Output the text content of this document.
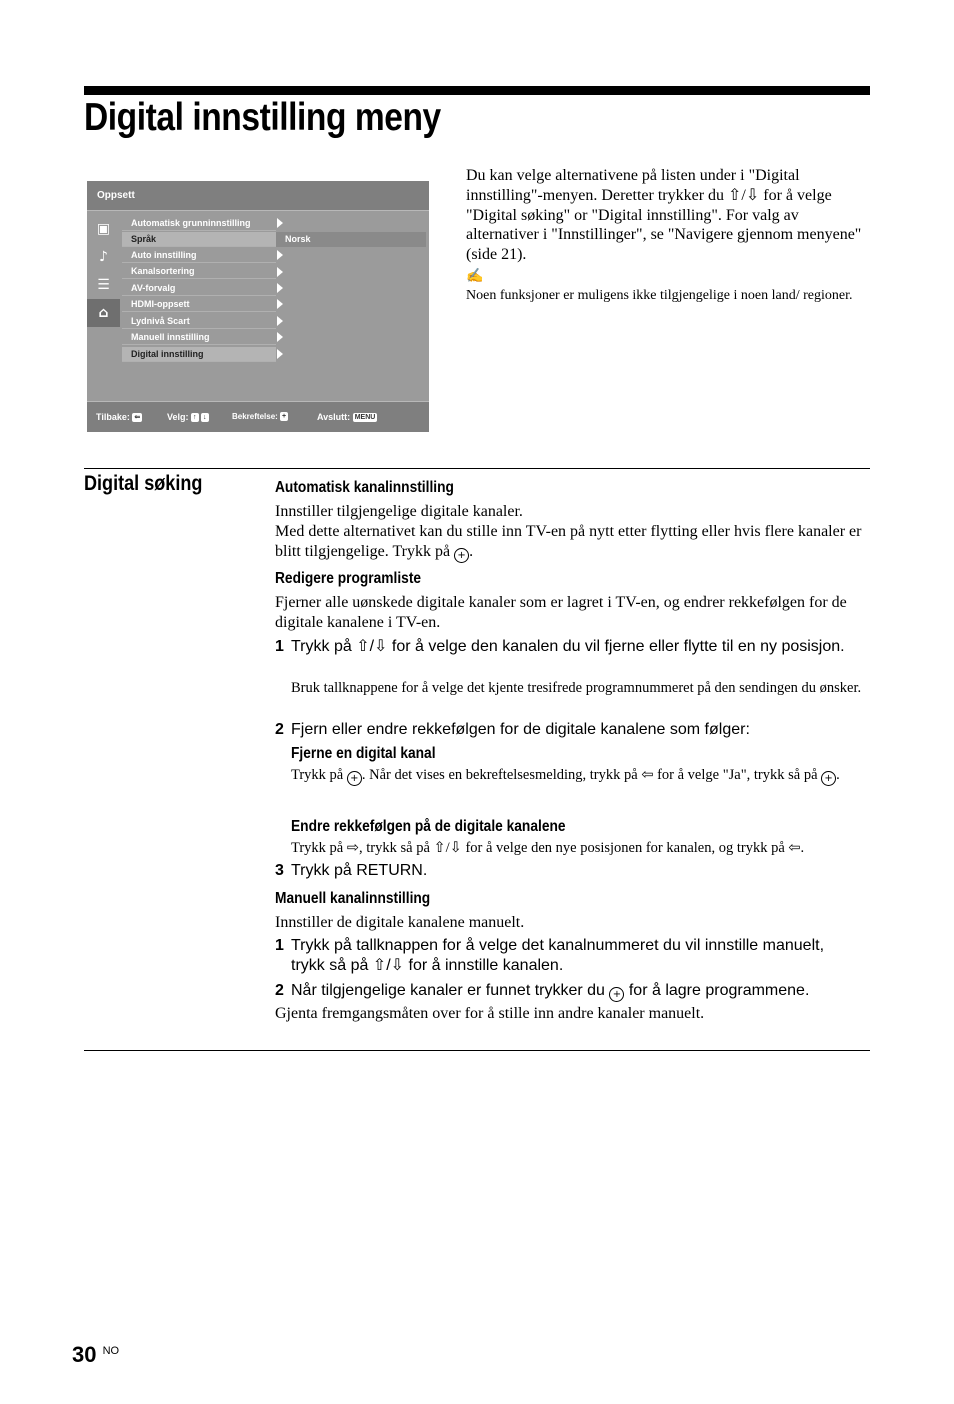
Digital innstilling meny
Oppsett
▣
♪
☰
⌂
Automatisk grunninnstilling
Språk
Auto innstilling
Kanalsortering
AV-forvalg
HDMI-oppsett
Lydnivå Scart
Manuell innstilling
Digital innstilling
Norsk
Tilbake: ⇐	Velg: ↑ ↓	Bekreftelse: +	Avslutt: MENU
Du kan velge alternativene på listen under i "Digital innstilling"-menyen. Deretter trykker du ⇧/⇩ for å velge "Digital søking" or "Digital innstilling". For valg av alternativer i "Innstillinger", se "Navigere gjennom menyene" (side 21).
✍
Noen funksjoner er muligens ikke tilgjengelige i noen land/ regioner.
Digital søking	Automatisk kanalinnstilling
Innstiller tilgjengelige digitale kanaler.
Med dette alternativet kan du stille inn TV-en på nytt etter flytting eller hvis flere kanaler er blitt tilgjengelige. Trykk på + .
Redigere programliste
Fjerner alle uønskede digitale kanaler som er lagret i TV-en, og endrer rekkefølgen for de digitale kanalene i TV-en.
1 Trykk på ⇧/⇩ for å velge den kanalen du vil fjerne eller flytte til en ny posisjon.
Bruk tallknappene for å velge det kjente tresifrede programnummeret på den sendingen du ønsker.
2 Fjern eller endre rekkefølgen for de digitale kanalene som følger:
Fjerne en digital kanal
Trykk på + . Når det vises en bekreftelsesmelding, trykk på ⇦ for å velge "Ja", trykk så på + .
Endre rekkefølgen på de digitale kanalene
Trykk på ⇨, trykk så på ⇧/⇩ for å velge den nye posisjonen for kanalen, og trykk på ⇦.
3 Trykk på RETURN.
Manuell kanalinnstilling
Innstiller de digitale kanalene manuelt.
1 Trykk på tallknappen for å velge det kanalnummeret du vil innstille manuelt, trykk så på ⇧/⇩ for å innstille kanalen.
2 Når tilgjengelige kanaler er funnet trykker du + for å lagre programmene.
Gjenta fremgangsmåten over for å stille inn andre kanaler manuelt.
30 $^{NO}$
